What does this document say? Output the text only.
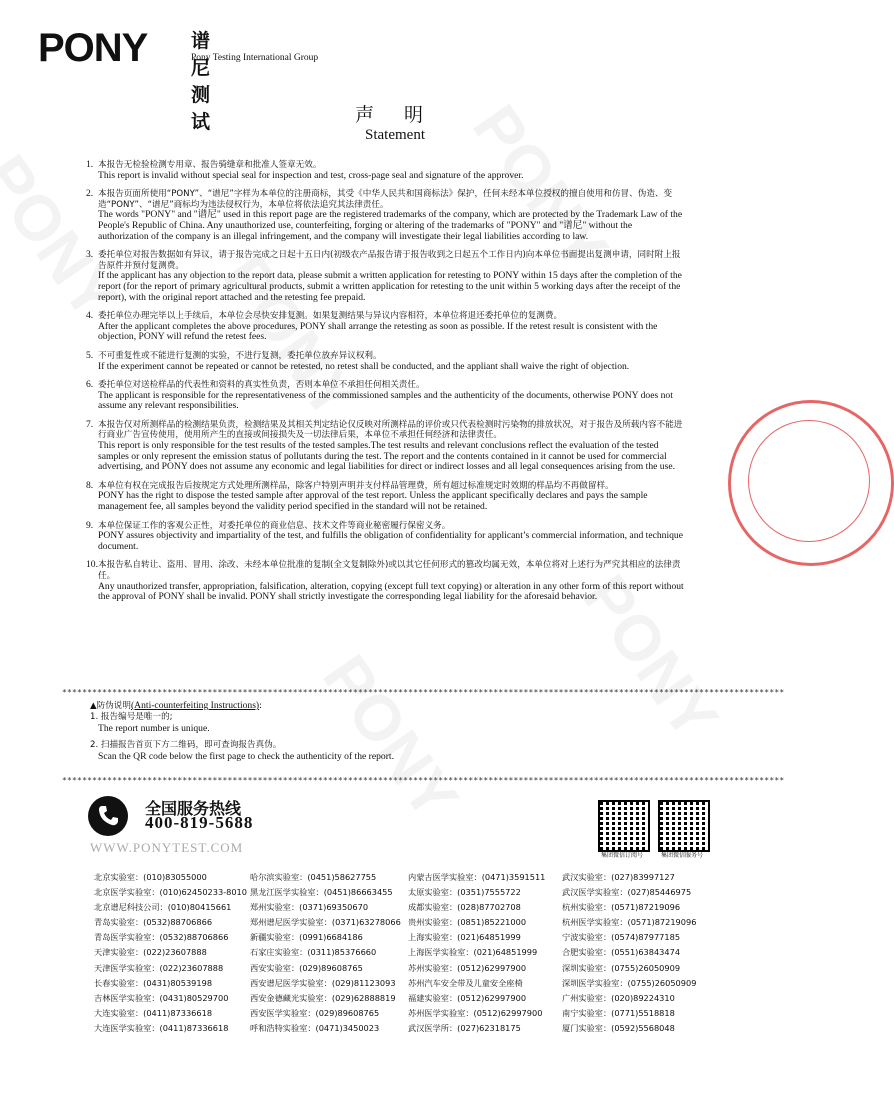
PONY 谱尼测试
Pony Testing International Group
声 明
Statement
1. 本报告无检验检测专用章、报告骑缝章和批准人签章无效。
This report is invalid without special seal for inspection and test, cross-page seal and signature of the approver.
2. 本报告页面所使用“PONY”、“谱尼”字样为本单位的注册商标，其受《中华人民共和国商标法》保护，任何未经本单位授权的擅自使用和仿冒、伪造、变造“PONY”、“谱尼”商标均为违法侵权行为，本单位将依法追究其法律责任。
The words "PONY" and "谱尼" used in this report page are the registered trademarks of the company, which are protected by the Trademark Law of the People's Republic of China. Any unauthorized use, counterfeiting, forging or altering of the trademarks of "PONY" and "谱尼" without the authorization of the company is an illegal infringement, and the company will investigate their legal liabilities according to law.
3. 委托单位对报告数据如有异议，请于报告完成之日起十五日内(初级农产品报告请于报告收到之日起五个工作日内)向本单位书面提出复测申请，同时附上报告原件并预付复测费。
If the applicant has any objection to the report data, please submit a written application for retesting to PONY within 15 days after the completion of the report (for the report of primary agricultural products, submit a written application for retesting to the unit within 5 working days after the receipt of the report), with the original report attached and the retesting fee prepaid.
4. 委托单位办理完毕以上手续后，本单位会尽快安排复测。如果复测结果与异议内容相符，本单位将退还委托单位的复测费。
After the applicant completes the above procedures, PONY shall arrange the retesting as soon as possible. If the retest result is consistent with the objection, PONY will refund the retest fees.
5. 不可重复性或不能进行复测的实验，不进行复测，委托单位放弃异议权利。
If the experiment cannot be repeated or cannot be retested, no retest shall be conducted, and the appliant shall waive the right of objection.
6. 委托单位对送检样品的代表性和资料的真实性负责，否则本单位不承担任何相关责任。
The applicant is responsible for the representativeness of the commissioned samples and the authenticity of the documents, otherwise PONY does not assume any relevant responsibilities.
7. 本报告仅对所测样品的检测结果负责，检测结果及其相关判定结论仅反映对所测样品的评价或只代表检测时污染物的排放状况，对于报告及所载内容不能进行商业广告宣传使用，使用所产生的直接或间接损失及一切法律后果，本单位不承担任何经济和法律责任。
This report is only responsible for the test results of the tested samples.The test results and relevant conclusions reflect the evaluation of the tested samples or only represent the emission status of pollutants during the test. The report and the contents contained in it cannot be used for commercial advertising, and PONY does not assume any economic and legal liabilities for direct or indirect losses and all legal consequences arising from the use.
8. 本单位有权在完成报告后按规定方式处理所测样品，除客户特别声明并支付样品管理费，所有超过标准规定时效期的样品均不再做留样。
PONY has the right to dispose the tested sample after approval of the test report. Unless the applicant specifically declares and pays the sample management fee, all samples beyond the validity period specified in the standard will not be retained.
9. 本单位保证工作的客观公正性，对委托单位的商业信息、技术文件等商业秘密履行保密义务。
PONY assures objectivity and impartiality of the test, and fulfills the obligation of confidentiality for applicant’s commercial information, and technique document.
10. 本报告私自转让、盗用、冒用、涂改、未经本单位批准的复制(全文复制除外)或以其它任何形式的篡改均属无效，本单位将对上述行为严究其相应的法律责任。
Any unauthorized transfer, appropriation, falsification, alteration, copying (except full text copying) or alteration in any other form of this report without the approval of PONY shall be invalid. PONY shall strictly investigate the corresponding legal liability for the aforesaid behavior.
************************************************************************************************************************************************
▲防伪说明(Anti-counterfeiting Instructions):
1. 报告编号是唯一的;
The report number is unique.
2. 扫描报告首页下方二维码，即可查询报告真伪。
Scan the QR code below the first page to check the authenticity of the report.
************************************************************************************************************************************************
全国服务热线
400-819-5688
WWW.PONYTEST.COM
集团微信订阅号	集团微信服务号
北京实验室：(010)83055000	哈尔滨实验室：(0451)58627755	内蒙古医学实验室：(0471)3591511	武汉实验室：(027)83997127
北京医学实验室：(010)62450233-8010 黑龙江医学实验室：(0451)86663455	太原实验室：(0351)7555722	武汉医学实验室：(027)85446975
北京谱尼科技公司：(010)80415661	郑州实验室：(0371)69350670	成都实验室：(028)87702708	杭州实验室：(0571)87219096
青岛实验室：(0532)88706866	郑州谱尼医学实验室：(0371)63278066 贵州实验室：(0851)85221000	杭州医学实验室：(0571)87219096
青岛医学实验室：(0532)88706866	新疆实验室：(0991)6684186	上海实验室：(021)64851999	宁波实验室：(0574)87977185
天津实验室：(022)23607888	石家庄实验室：(0311)85376660	上海医学实验室：(021)64851999	合肥实验室：(0551)63843474
天津医学实验室：(022)23607888	西安实验室：(029)89608765	苏州实验室：(0512)62997900	深圳实验室：(0755)26050909
长春实验室：(0431)80539198	西安谱尼医学实验室：(029)81123093	苏州汽车安全带及儿童安全座椅	深圳医学实验室：(0755)26050909
吉林医学实验室：(0431)80529700	西安金德藏光实验室：(029)62888819	福建实验室：(0512)62997900	广州实验室：(020)89224310
大连实验室：(0411)87336618	西安医学实验室：(029)89608765	苏州医学实验室：(0512)62997900	南宁实验室：(0771)5518818
大连医学实验室：(0411)87336618	呼和浩特实验室：(0471)3450023	武汉医学所：(027)62318175	厦门实验室：(0592)5568048
